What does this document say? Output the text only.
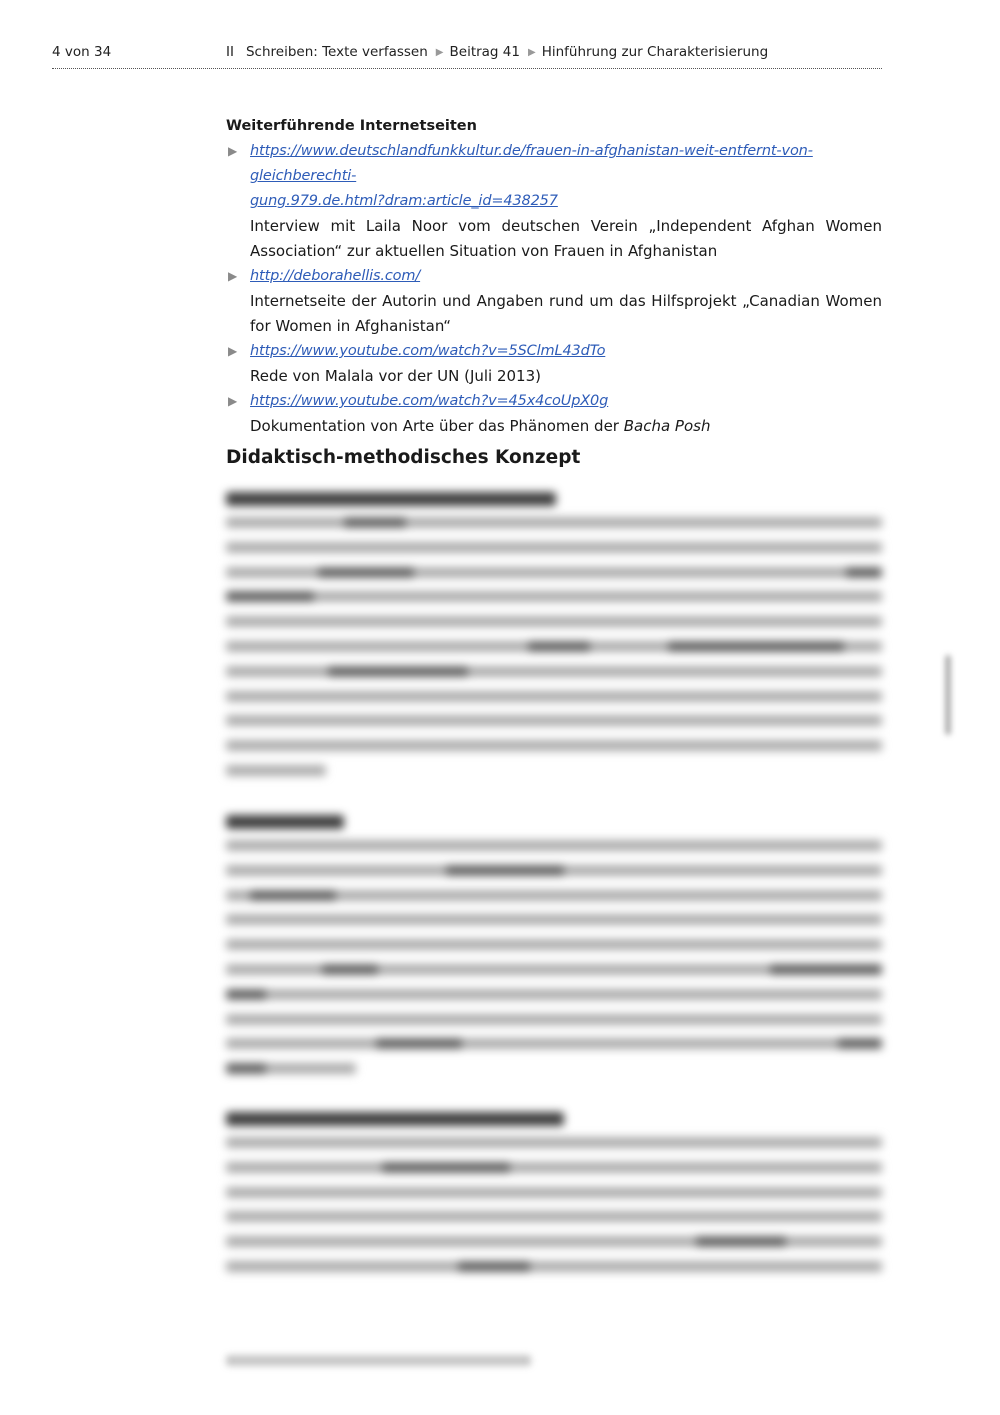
4 von 34	II Schreiben: Texte verfassen ▶ Beitrag 41 ▶ Hinführung zur Charakterisierung
Weiterführende Internetseiten
▶ https://www.deutschlandfunkkultur.de/frauen-in-afghanistan-weit-entfernt-von-gleichberechti-
gung.979.de.html?dram:article_id=438257
Interview mit Laila Noor vom deutschen Verein „Independent Afghan Women Association“ zur aktuellen Situation von Frauen in Afghanistan
▶ http://deborahellis.com/
Internetseite der Autorin und Angaben rund um das Hilfsprojekt „Canadian Women for Women in Afghanistan“
▶ https://www.youtube.com/watch?v=5SClmL43dTo
Rede von Malala vor der UN (Juli 2013)
▶ https://www.youtube.com/watch?v=45x4coUpX0g
Dokumentation von Arte über das Phänomen der Bacha Posh
Didaktisch-methodisches Konzept
